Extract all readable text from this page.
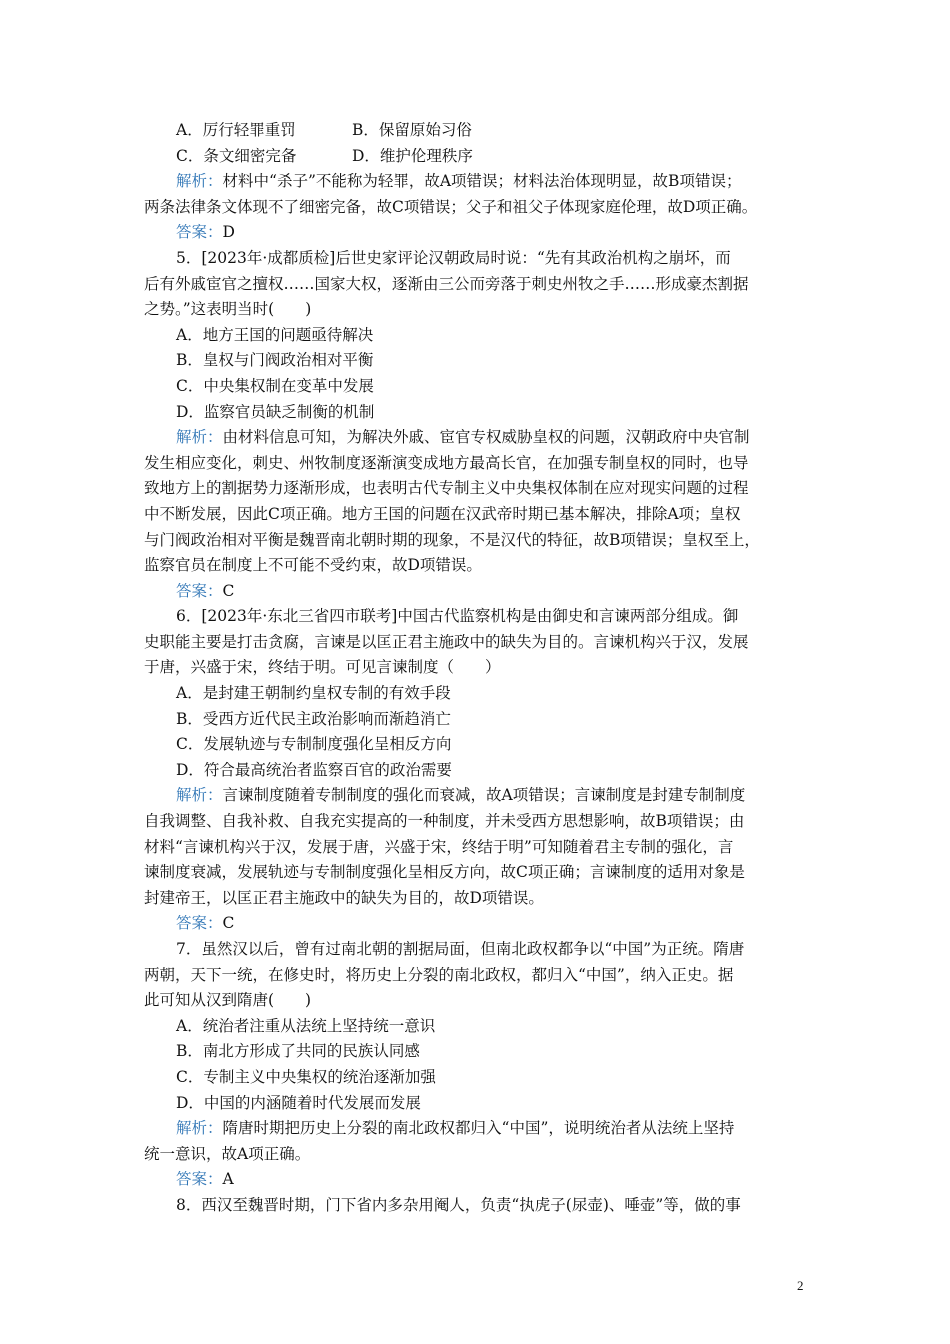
A．厉行轻罪重罚	B．保留原始习俗
C．条文细密完备	D．维护伦理秩序
解析：材料中“杀子”不能称为轻罪，故A项错误；材料法治体现明显，故B项错误；
两条法律条文体现不了细密完备，故C项错误；父子和祖父子体现家庭伦理，故D项正确。
答案：D
5．[2023年·成都质检]后世史家评论汉朝政局时说：“先有其政治机构之崩坏，而
后有外戚宦官之擅权……国家大权，逐渐由三公而旁落于刺史州牧之手……形成豪杰割据
之势。”这表明当时(　　)
A．地方王国的问题亟待解决
B．皇权与门阀政治相对平衡
C．中央集权制在变革中发展
D．监察官员缺乏制衡的机制
解析：由材料信息可知，为解决外戚、宦官专权威胁皇权的问题，汉朝政府中央官制
发生相应变化，刺史、州牧制度逐渐演变成地方最高长官，在加强专制皇权的同时，也导
致地方上的割据势力逐渐形成，也表明古代专制主义中央集权体制在应对现实问题的过程
中不断发展，因此C项正确。地方王国的问题在汉武帝时期已基本解决，排除A项；皇权
与门阀政治相对平衡是魏晋南北朝时期的现象，不是汉代的特征，故B项错误；皇权至上，
监察官员在制度上不可能不受约束，故D项错误。
答案：C
6．[2023年·东北三省四市联考]中国古代监察机构是由御史和言谏两部分组成。御
史职能主要是打击贪腐，言谏是以匡正君主施政中的缺失为目的。言谏机构兴于汉，发展
于唐，兴盛于宋，终结于明。可见言谏制度（　　）
A．是封建王朝制约皇权专制的有效手段
B．受西方近代民主政治影响而渐趋消亡
C．发展轨迹与专制制度强化呈相反方向
D．符合最高统治者监察百官的政治需要
解析：言谏制度随着专制制度的强化而衰减，故A项错误；言谏制度是封建专制制度
自我调整、自我补救、自我充实提高的一种制度，并未受西方思想影响，故B项错误；由
材料“言谏机构兴于汉，发展于唐，兴盛于宋，终结于明”可知随着君主专制的强化，言
谏制度衰减，发展轨迹与专制制度强化呈相反方向，故C项正确；言谏制度的适用对象是
封建帝王，以匡正君主施政中的缺失为目的，故D项错误。
答案：C
7．虽然汉以后，曾有过南北朝的割据局面，但南北政权都争以“中国”为正统。隋唐
两朝，天下一统，在修史时，将历史上分裂的南北政权，都归入“中国”，纳入正史。据
此可知从汉到隋唐(　　)
A．统治者注重从法统上坚持统一意识
B．南北方形成了共同的民族认同感
C．专制主义中央集权的统治逐渐加强
D．中国的内涵随着时代发展而发展
解析：隋唐时期把历史上分裂的南北政权都归入“中国”，说明统治者从法统上坚持
统一意识，故A项正确。
答案：A
8．西汉至魏晋时期，门下省内多杂用阉人，负责“执虎子(尿壶)、唾壶”等，做的事
2
